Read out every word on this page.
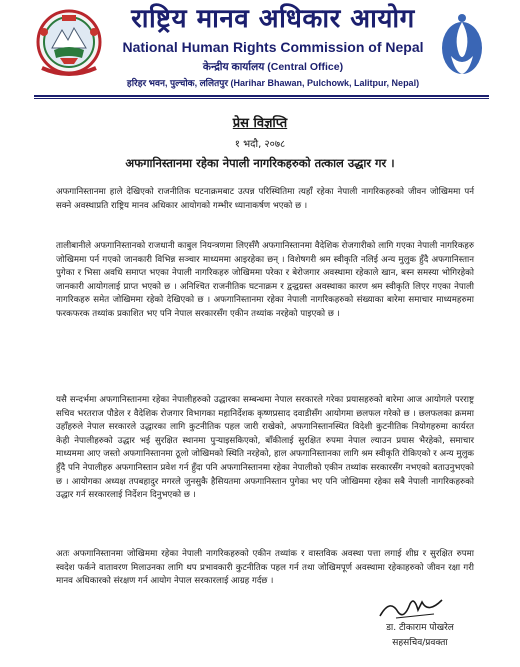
राष्ट्रिय मानव अधिकार आयोग
National Human Rights Commission of Nepal
केन्द्रीय कार्यालय (Central Office)
हरिहर भवन, पुल्चोक, ललितपुर (Harihar Bhawan, Pulchowk, Lalitpur, Nepal)
प्रेस विज्ञप्ति
१ भदौ, २०७८
अफगानिस्तानमा रहेका नेपाली नागरिकहरुको तत्काल उद्धार गर ।
अफगानिस्तानमा हाले देखिएको राजनीतिक घटनाक्रमबाट उत्पन्न परिस्थितिमा त्यहाँ रहेका नेपाली नागरिकहरुको जीवन जोखिममा पर्न सक्ने अवस्थाप्रति राष्ट्रिय मानव अधिकार आयोगको गम्भीर ध्यानाकर्षण भएको छ ।
तालीबानीले अफगानिस्तानको राजधानी काबुल नियन्त्रणमा लिएसँगै अफगानिस्तानमा वैदेशिक रोजगारीको लागि गएका नेपाली नागरिकहरु जोखिममा पर्न गएको जानकारी विभिन्न सञ्चार माध्यममा आइरहेका छन् । विशेषगरी श्रम स्वीकृति नलिई अन्य मुलुक हुँदै अफगानिस्तान पुगेका र भिसा अवधि समाप्त भएका नेपाली नागरिकहरु जोखिममा परेका र बेरोजगार अवस्थामा रहेकाले खान, बस्न समस्या भोगिरहेको जानकारी आयोगलाई प्राप्त भएको छ । अनिश्चित राजनीतिक घटनाक्रम र द्वन्द्वग्रस्त अवस्थाका कारण श्रम स्वीकृति लिएर गएका नेपाली नागरिकहरु समेत जोखिममा रहेको देखिएको छ । अफगानिस्तानमा रहेका नेपाली नागरिकहरुको संख्याका बारेमा समाचार माध्यमहरुमा फरकफरक तथ्यांक प्रकाशित भए पनि नेपाल सरकारसँग एकीन तथ्यांक नरहेको पाइएको छ ।
यसै सन्दर्भमा अफगानिस्तानमा रहेका नेपालीहरुको उद्धारका सम्बन्धमा नेपाल सरकारले गरेका प्रयासहरुको बारेमा आज आयोगले परराष्ट्र सचिव भरतराज पौडेल र वैदेशिक रोजगार विभागका महानिर्देशक कृष्णप्रसाद दवाडीसँग आयोगमा छलफल गरेको छ । छलफलका क्रममा उहाँहरुले नेपाल सरकारले उद्धारका लागि कुटनीतिक पहल जारी राखेको, अफगानिस्तानस्थित विदेशी कुटनीतिक नियोगहरुमा कार्यरत केही नेपालीहरुको उद्धार भई सुरक्षित स्थानमा पुऱ्याइसकिएको, बाँकीलाई सुरक्षित रुपमा नेपाल ल्याउन प्रयास भैरहेको, समाचार माध्यममा आए जस्तो अफगानिस्तानमा ठूलो जोखिमको स्थिति नरहेको, हाल अफगानिस्तानका लागि श्रम स्वीकृति रोकिएको र अन्य मुलुक हुँदै पनि नेपालीहरु अफगानिस्तान प्रवेश गर्न हुँदा पनि अफगानिस्तानमा रहेका नेपालीको एकीन तथ्यांक सरकारसँग नभएको बताउनुभएको छ । आयोगका अध्यक्ष तपबहादुर मगरले जुनसुकै हैसियतमा अफगानिस्तान पुगेका भए पनि जोखिममा रहेका सबै नेपाली नागरिकहरुको उद्धार गर्न सरकारलाई निर्देशन दिनुभएको छ ।
अतः अफगानिस्तानमा जोखिममा रहेका नेपाली नागरिकहरुको एकीन तथ्यांक र वास्तविक अवस्था पत्ता लगाई शीघ्र र सुरक्षित रुपमा स्वदेश फर्कने वातावरण मिलाउनका लागि थप प्रभावकारी कुटनीतिक पहल गर्न तथा जोखिमपूर्ण अवस्थामा रहेकाहरुको जीवन रक्षा गरी मानव अधिकारको संरक्षण गर्न आयोग नेपाल सरकारलाई आग्रह गर्दछ ।
डा. टीकाराम पोखरेल
सहसचिव/प्रवक्ता
